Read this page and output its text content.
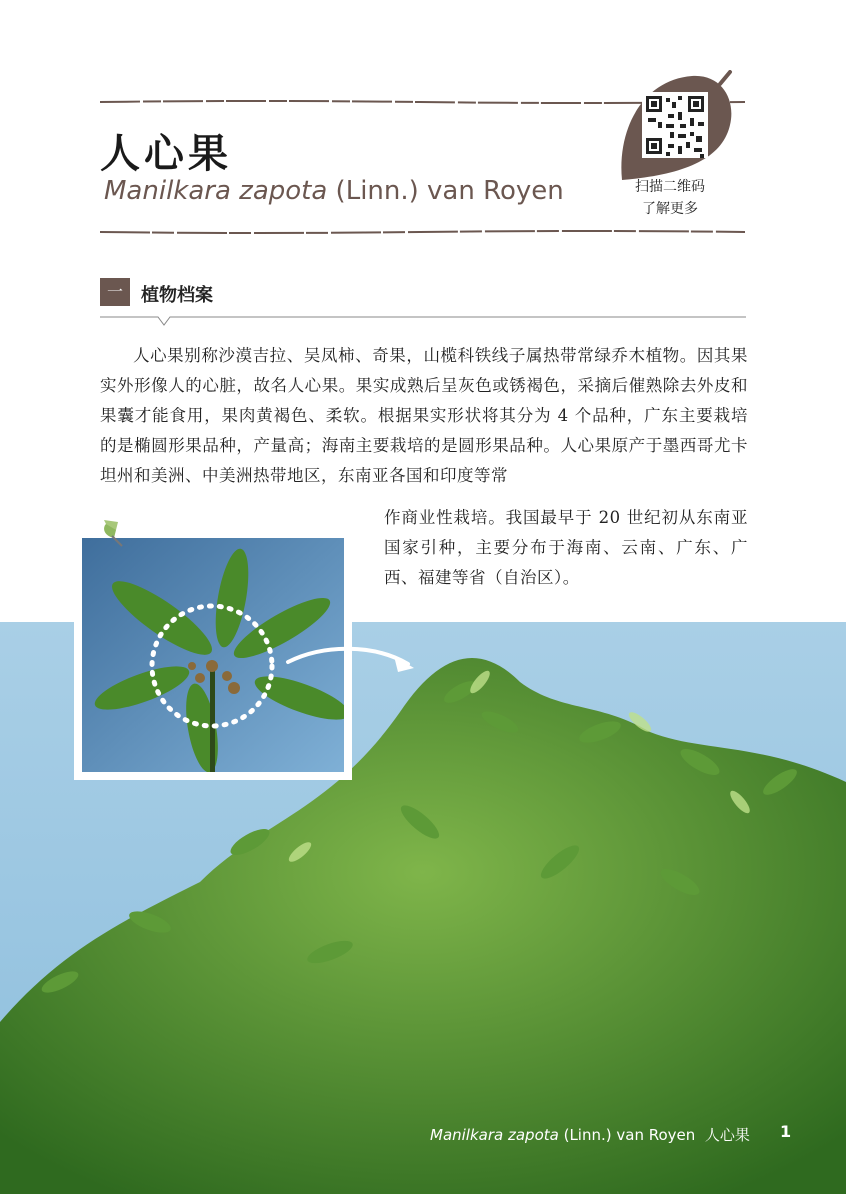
人心果
Manilkara zapota (Linn.) van Royen	扫描二维码
了解更多
一	植物档案

人心果别称沙漠吉拉、吴凤柿、奇果，山榄科铁线子属热带常绿乔木植物。因其果实外形像人的心脏，故名人心果。果实成熟后呈灰色或锈褐色，采摘后催熟除去外皮和果囊才能食用，果肉黄褐色、柔软。根据果实形状将其分为 4 个品种，广东主要栽培的是椭圆形果品种，产量高；海南主要栽培的是圆形果品种。人心果原产于墨西哥尤卡坦州和美洲、中美洲热带地区，东南亚各国和印度等常

作商业性栽培。我国最早于 20 世纪初从东南亚国家引种，主要分布于海南、云南、广东、广西、福建等省（自治区）。

Manilkara zapota (Linn.) van Royen 人心果 1
